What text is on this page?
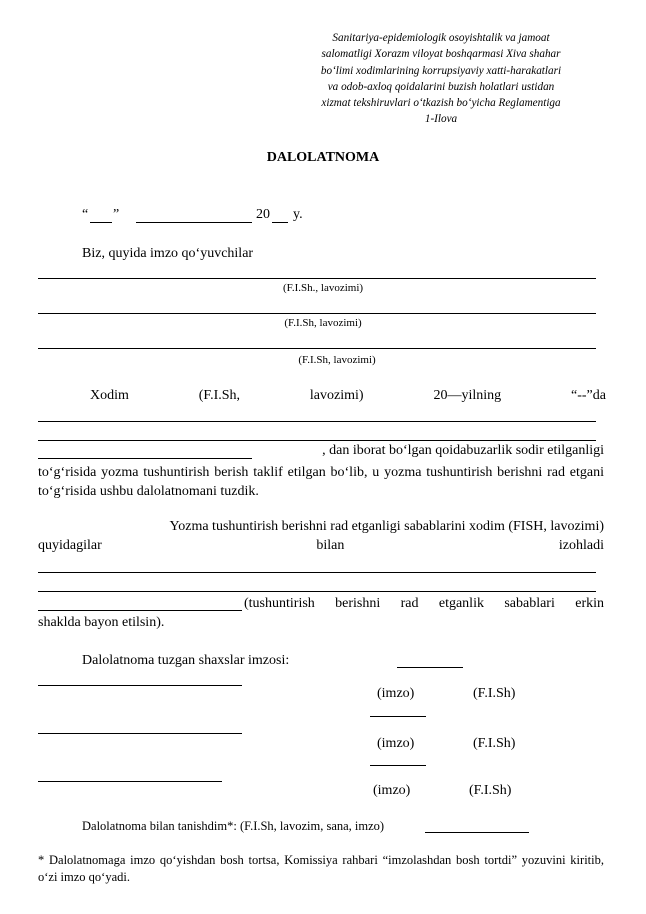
Sanitariya-epidemiologik osoyishtalik va jamoat
salomatligi Xorazm viloyat boshqarmasi Xiva shahar
bo‘limi xodimlarining korrupsiyaviy xatti-harakatlari
va odob-axloq qoidalarini buzish holatlari ustidan
xizmat tekshiruvlari o‘tkazish bo‘yicha Reglamentiga
1-Ilova
DALOLATNOMA
“ ”	20 y.
Biz, quyida imzo qo‘yuvchilar
(F.I.Sh., lavozimi)
(F.I.Sh, lavozimi)
(F.I.Sh, lavozimi)
Xodim	(F.I.Sh,	lavozimi)	20—yilning	“--”da
, dan iborat bo‘lgan qoidabuzarlik sodir etilganligi
to‘g‘risida yozma tushuntirish berish taklif etilgan bo‘lib, u yozma tushuntirish berishni rad etgani to‘g‘risida ushbu dalolatnomani tuzdik.
Yozma tushuntirish berishni rad etganligi sabablarini xodim (FISH, lavozimi)
quyidagilar	bilan	izohladi
(tushuntirish berishni rad etganlik sabablari erkin
shaklda bayon etilsin).
Dalolatnoma tuzgan shaxslar imzosi:
(imzo)	(F.I.Sh)
(imzo)	(F.I.Sh)
(imzo)	(F.I.Sh)
Dalolatnoma bilan tanishdim*: (F.I.Sh, lavozim, sana, imzo)
* Dalolatnomaga imzo qo‘yishdan bosh tortsa, Komissiya rahbari “imzolashdan bosh tortdi” yozuvini kiritib, o‘zi imzo qo‘yadi.
